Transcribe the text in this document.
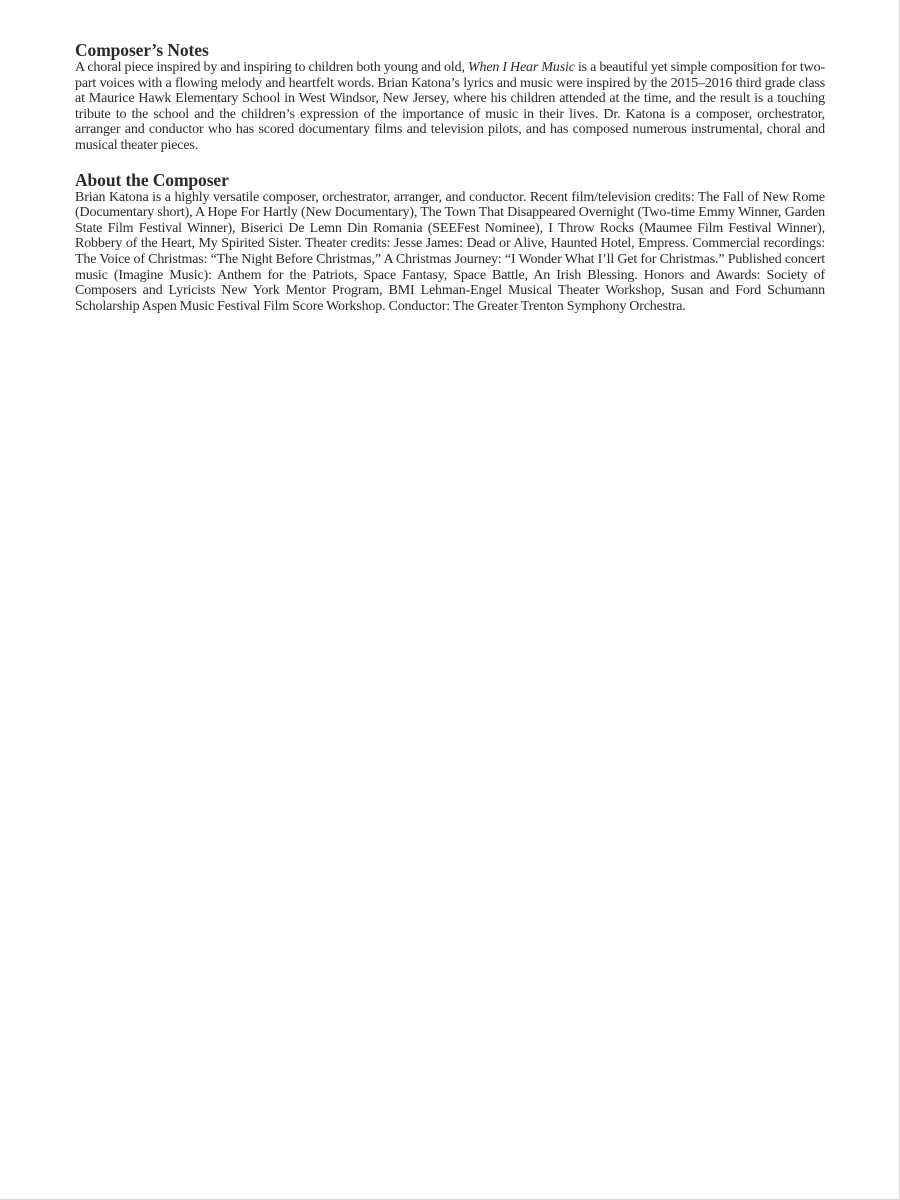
Composer’s Notes

A choral piece inspired by and inspiring to children both young and old, When I Hear Music is a beautiful yet simple composition for two-part voices with a flowing melody and heartfelt words. Brian Katona’s lyrics and music were inspired by the 2015–2016 third grade class at Maurice Hawk Elementary School in West Windsor, New Jersey, where his children attended at the time, and the result is a touching tribute to the school and the children’s expression of the importance of music in their lives. Dr. Katona is a composer, orchestrator, arranger and conductor who has scored documentary films and television pilots, and has composed numerous instrumental, choral and musical theater pieces.

About the Composer

Brian Katona is a highly versatile composer, orchestrator, arranger, and conductor. Recent film/television credits: The Fall of New Rome (Documentary short), A Hope For Hartly (New Documentary), The Town That Disappeared Overnight (Two-time Emmy Winner, Garden State Film Festival Winner), Biserici De Lemn Din Romania (SEEFest Nominee), I Throw Rocks (Maumee Film Festival Winner), Robbery of the Heart, My Spirited Sister. Theater credits: Jesse James: Dead or Alive, Haunted Hotel, Empress. Commercial recordings: The Voice of Christmas: “The Night Before Christmas,” A Christmas Journey: “I Wonder What I’ll Get for Christmas.” Published concert music (Imagine Music): Anthem for the Patriots, Space Fantasy, Space Battle, An Irish Blessing. Honors and Awards: Society of Composers and Lyricists New York Mentor Program, BMI Lehman-Engel Musical Theater Workshop, Susan and Ford Schumann Scholarship Aspen Music Festival Film Score Workshop. Conductor: The Greater Trenton Symphony Orchestra.
